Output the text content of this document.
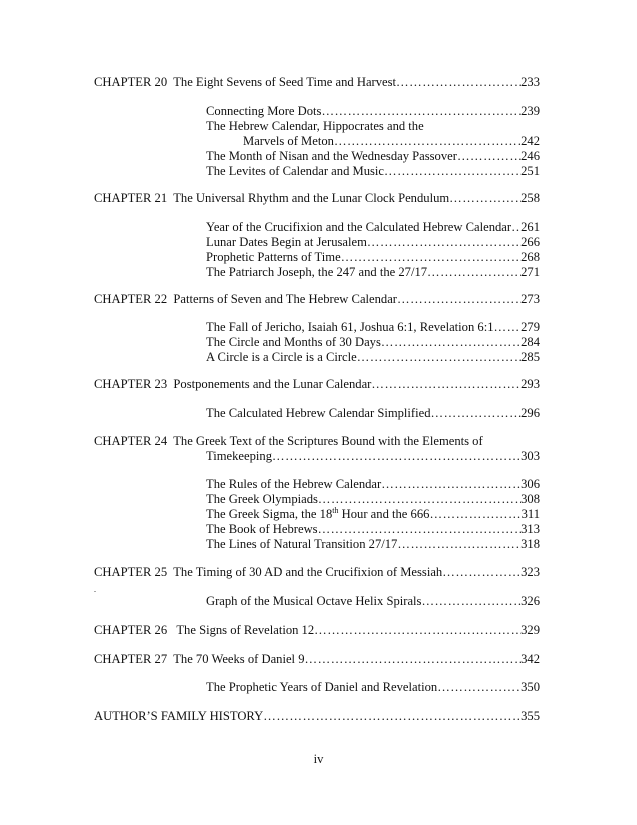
CHAPTER 20 The Eight Sevens of Seed Time and Harvest ……………………………………………………………………………………………………………………	233
Connecting More Dots ……………………………………………………………………………………………………………………	239
The Hebrew Calendar, Hippocrates and the
Marvels of Meton ……………………………………………………………………………………………………………………	242
The Month of Nisan and the Wednesday Passover ……………………………………………………………………………………………………………………	246
The Levites of Calendar and Music ……………………………………………………………………………………………………………………	251
CHAPTER 21 The Universal Rhythm and the Lunar Clock Pendulum ……………………………………………………………………………………………………………………	258
Year of the Crucifixion and the Calculated Hebrew Calendar …………………………………………………………………………………………………………………… 261
Lunar Dates Begin at Jerusalem ……………………………………………………………………………………………………………………	266
Prophetic Patterns of Time ……………………………………………………………………………………………………………………	268
The Patriarch Joseph, the 247 and the 27/17 ……………………………………………………………………………………………………………………	271
CHAPTER 22 Patterns of Seven and The Hebrew Calendar ……………………………………………………………………………………………………………………	273
The Fall of Jericho, Isaiah 61, Joshua 6:1, Revelation 6:1 …………………………………………………………………………………………………………………… 279
The Circle and Months of 30 Days ……………………………………………………………………………………………………………………	284
A Circle is a Circle is a Circle ……………………………………………………………………………………………………………………	285
CHAPTER 23 Postponements and the Lunar Calendar ……………………………………………………………………………………………………………………	293
The Calculated Hebrew Calendar Simplified ……………………………………………………………………………………………………………………	296
CHAPTER 24 The Greek Text of the Scriptures Bound with the Elements of
Timekeeping ……………………………………………………………………………………………………………………	303
The Rules of the Hebrew Calendar ……………………………………………………………………………………………………………………	306
The Greek Olympiads ……………………………………………………………………………………………………………………	308
The Greek Sigma, the 18th Hour and the 666 ……………………………………………………………………………………………………………………	311
The Book of Hebrews ……………………………………………………………………………………………………………………	313
The Lines of Natural Transition 27/17 ……………………………………………………………………………………………………………………	318
CHAPTER 25 The Timing of 30 AD and the Crucifixion of Messiah ……………………………………………………………………………………………………………………	323
.
Graph of the Musical Octave Helix Spirals ……………………………………………………………………………………………………………………	326
CHAPTER 26 The Signs of Revelation 12 ……………………………………………………………………………………………………………………	329
CHAPTER 27 The 70 Weeks of Daniel 9 ……………………………………………………………………………………………………………………	342
The Prophetic Years of Daniel and Revelation ……………………………………………………………………………………………………………………	350
AUTHOR’S FAMILY HISTORY ……………………………………………………………………………………………………………………	355
iv
